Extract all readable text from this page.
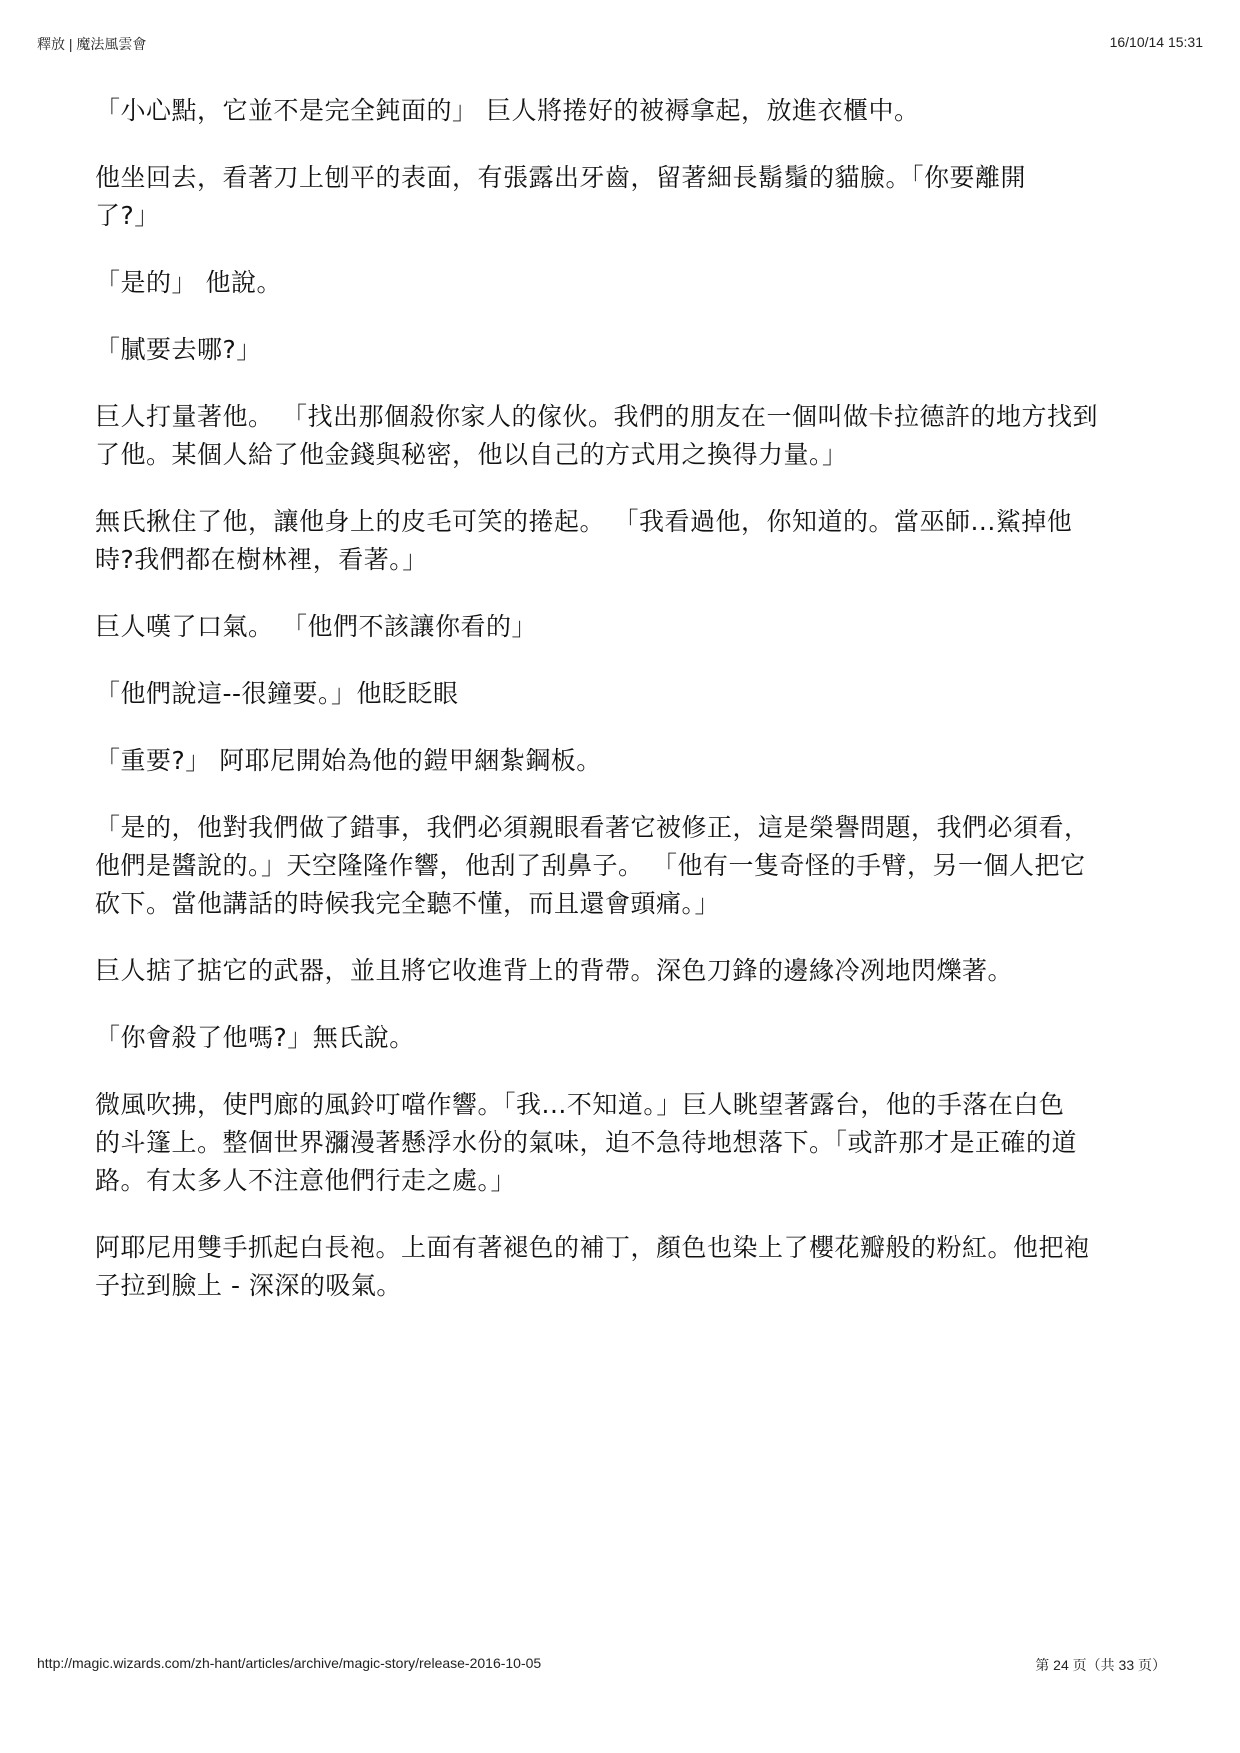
釋放 | 魔法風雲會	16/10/14 15:31

「小心點，它並不是完全鈍面的」 巨人將捲好的被褥拿起，放進衣櫃中。

他坐回去，看著刀上刨平的表面，有張露出牙齒，留著細長鬍鬚的貓臉。「你要離開
了?」

「是的」 他說。

「膩要去哪?」

巨人打量著他。 「找出那個殺你家人的傢伙。我們的朋友在一個叫做卡拉德許的地方找到
了他。某個人給了他金錢與秘密，他以自己的方式用之換得力量。」

無氏揪住了他，讓他身上的皮毛可笑的捲起。 「我看過他，你知道的。當巫師...鯊掉他
時?我們都在樹林裡，看著。」

巨人嘆了口氣。 「他們不該讓你看的」

「他們說這--很鐘要。」他眨眨眼

「重要?」 阿耶尼開始為他的鎧甲綑紮鋼板。

「是的，他對我們做了錯事，我們必須親眼看著它被修正，這是榮譽問題，我們必須看，
他們是醬說的。」天空隆隆作響，他刮了刮鼻子。 「他有一隻奇怪的手臂，另一個人把它
砍下。當他講話的時候我完全聽不懂，而且還會頭痛。」

巨人掂了掂它的武器，並且將它收進背上的背帶。深色刀鋒的邊緣冷冽地閃爍著。

「你會殺了他嗎?」無氏說。

微風吹拂，使門廊的風鈴叮噹作響。「我...不知道。」巨人眺望著露台，他的手落在白色
的斗篷上。整個世界瀰漫著懸浮水份的氣味，迫不急待地想落下。「或許那才是正確的道
路。有太多人不注意他們行走之處。」

阿耶尼用雙手抓起白長袍。上面有著褪色的補丁，顏色也染上了櫻花瓣般的粉紅。他把袍
子拉到臉上 - 深深的吸氣。

http://magic.wizards.com/zh-hant/articles/archive/magic-story/release-2016-10-05	第 24 页（共 33 页）
